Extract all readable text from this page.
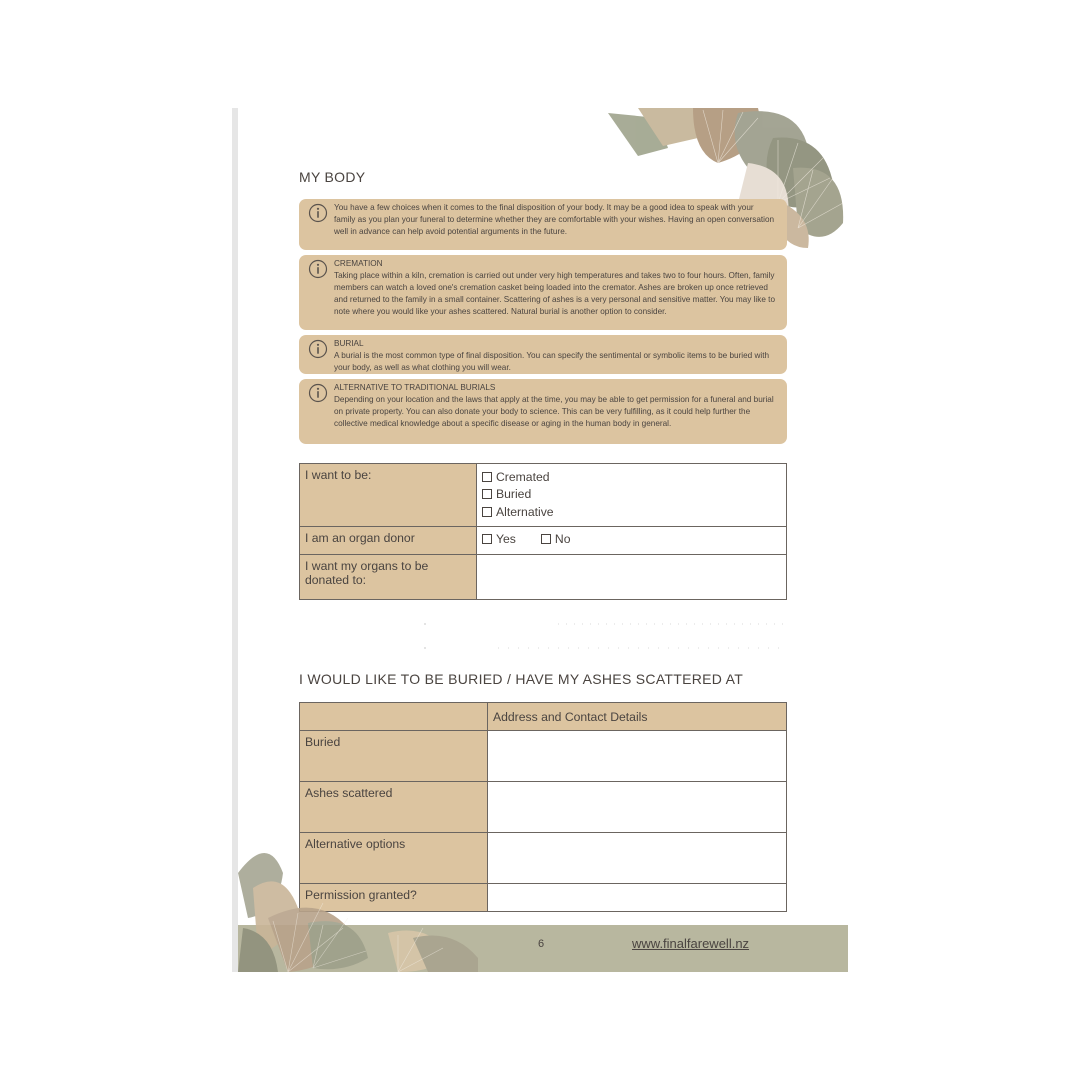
MY BODY
You have a few choices when it comes to the final disposition of your body. It may be a good idea to speak with your family as you plan your funeral to determine whether they are comfortable with your wishes. Having an open conversation well in advance can help avoid potential arguments in the future.
CREMATION
Taking place within a kiln, cremation is carried out under very high temperatures and takes two to four hours. Often, family members can watch a loved one's cremation casket being loaded into the cremator. Ashes are broken up once retrieved and returned to the family in a small container. Scattering of ashes is a very personal and sensitive matter. You may like to note where you would like your ashes scattered. Natural burial is another option to consider.
BURIAL
A burial is the most common type of final disposition. You can specify the sentimental or symbolic items to be buried with your body, as well as what clothing you will wear.
ALTERNATIVE TO TRADITIONAL BURIALS
Depending on your location and the laws that apply at the time, you may be able to get permission for a funeral and burial on private property. You can also donate your body to science. This can be very fulfilling, as it could help further the collective medical knowledge about a specific disease or aging in the human body in general.
I want to be:	Cremated
Buried
Alternative

I am an organ donor	Yes No

I want my organs to be donated to:	
I WOULD LIKE TO BE BURIED / HAVE MY ASHES SCATTERED AT
	Address and Contact Details
Buried	
Ashes scattered	
Alternative options	
Permission granted?	
6	www.finalfarewell.nz
